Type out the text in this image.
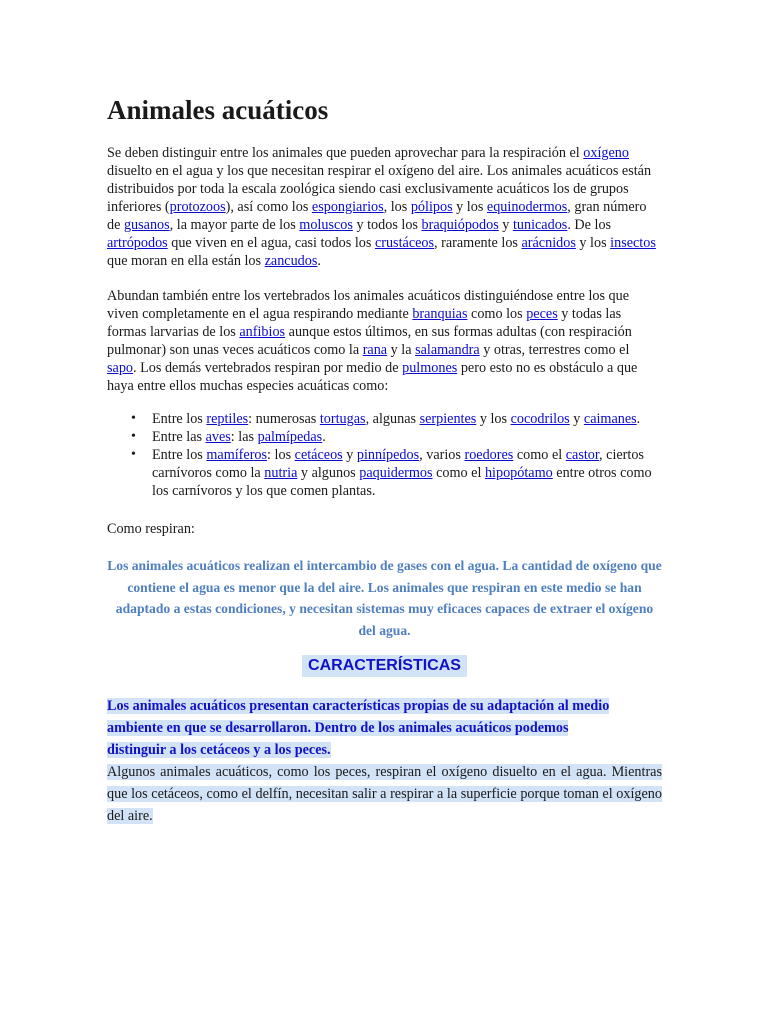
Animales acuáticos

Se deben distinguir entre los animales que pueden aprovechar para la respiración el oxígeno disuelto en el agua y los que necesitan respirar el oxígeno del aire. Los animales acuáticos están distribuidos por toda la escala zoológica siendo casi exclusivamente acuáticos los de grupos inferiores (protozoos), así como los espongiarios, los pólipos y los equinodermos, gran número de gusanos, la mayor parte de los moluscos y todos los braquiópodos y tunicados. De los artrópodos que viven en el agua, casi todos los crustáceos, raramente los arácnidos y los insectos que moran en ella están los zancudos.

Abundan también entre los vertebrados los animales acuáticos distinguiéndose entre los que viven completamente en el agua respirando mediante branquias como los peces y todas las formas larvarias de los anfibios aunque estos últimos, en sus formas adultas (con respiración pulmonar) son unas veces acuáticos como la rana y la salamandra y otras, terrestres como el sapo. Los demás vertebrados respiran por medio de pulmones pero esto no es obstáculo a que haya entre ellos muchas especies acuáticas como:

• Entre los reptiles: numerosas tortugas, algunas serpientes y los cocodrilos y caimanes.
• Entre las aves: las palmípedas.
• Entre los mamíferos: los cetáceos y pinnípedos, varios roedores como el castor, ciertos carnívoros como la nutria y algunos paquidermos como el hipopótamo entre otros como los carnívoros y los que comen plantas.

Como respiran:

Los animales acuáticos realizan el intercambio de gases con el agua. La cantidad de oxígeno que contiene el agua es menor que la del aire. Los animales que respiran en este medio se han adaptado a estas condiciones, y necesitan sistemas muy eficaces capaces de extraer el oxígeno del agua.

CARACTERÍSTICAS

Los animales acuáticos presentan características propias de su adaptación al medio ambiente en que se desarrollaron. Dentro de los animales acuáticos podemos distinguir a los cetáceos y a los peces.

Algunos animales acuáticos, como los peces, respiran el oxígeno disuelto en el agua. Mientras que los cetáceos, como el delfín, necesitan salir a respirar a la superficie porque toman el oxígeno del aire.
